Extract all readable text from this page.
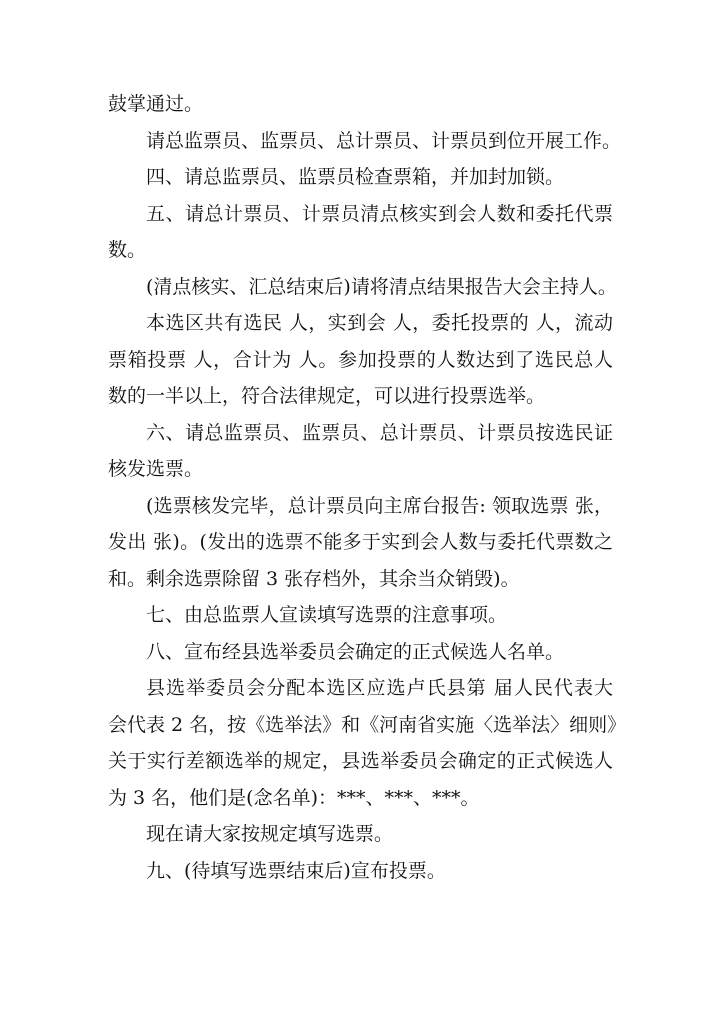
鼓掌通过。
请总监票员、监票员、总计票员、计票员到位开展工作。
四、请总监票员、监票员检查票箱，并加封加锁。
五、请总计票员、计票员清点核实到会人数和委托代票
数。
(清点核实、汇总结束后)请将清点结果报告大会主持人。
本选区共有选民 人，实到会 人，委托投票的 人，流动
票箱投票 人，合计为 人。参加投票的人数达到了选民总人
数的一半以上，符合法律规定，可以进行投票选举。
六、请总监票员、监票员、总计票员、计票员按选民证
核发选票。
(选票核发完毕，总计票员向主席台报告: 领取选票 张，
发出 张)。(发出的选票不能多于实到会人数与委托代票数之
和。剩余选票除留 3 张存档外，其余当众销毁)。
七、由总监票人宣读填写选票的注意事项。
八、宣布经县选举委员会确定的正式候选人名单。
县选举委员会分配本选区应选卢氏县第 届人民代表大
会代表 2 名，按《选举法》和《河南省实施〈选举法〉细则》
关于实行差额选举的规定，县选举委员会确定的正式候选人
为 3 名，他们是(念名单)：***、***、***。
现在请大家按规定填写选票。
九、(待填写选票结束后)宣布投票。
